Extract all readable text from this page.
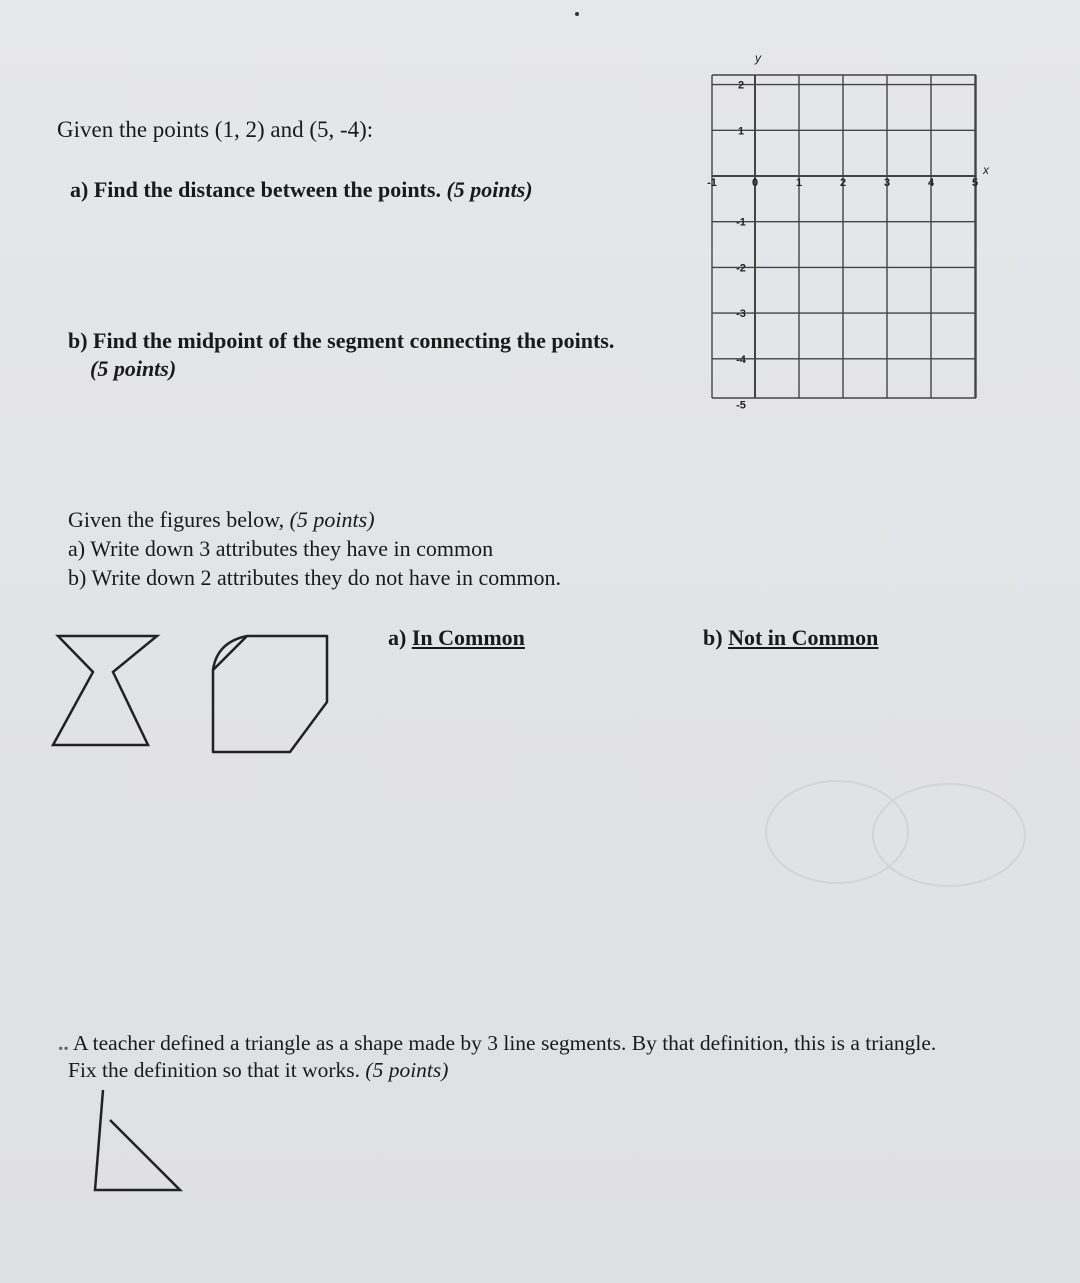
Given the points (1, 2) and (5, -4):
a) Find the distance between the points. (5 points)
b) Find the midpoint of the segment connecting the points.
(5 points)
-1	0	1	2	3	4	5
2
1
-1
-2
-3
-4
-5
x
y
Given the figures below, (5 points)
a) Write down 3 attributes they have in common
b) Write down 2 attributes they do not have in common.
a) In Common	b) Not in Common
.. A teacher defined a triangle as a shape made by 3 line segments. By that definition, this is a triangle.
Fix the definition so that it works. (5 points)
